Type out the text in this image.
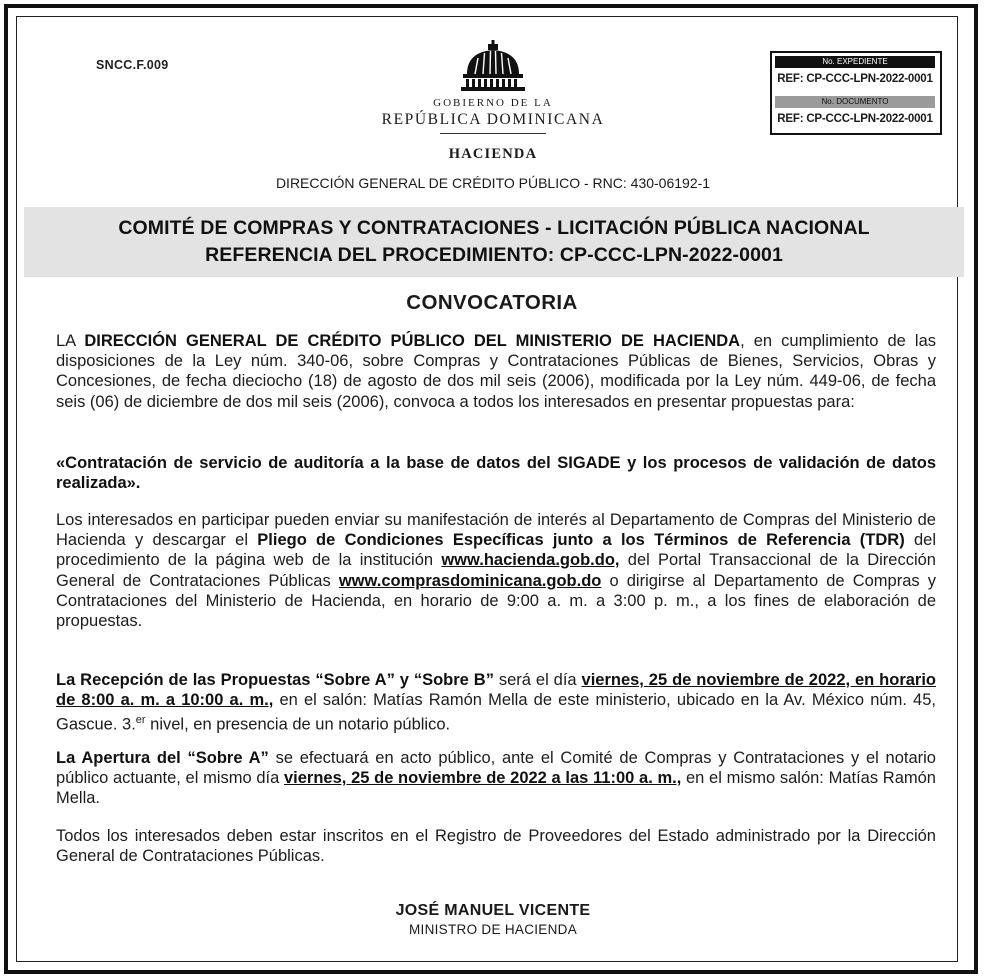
SNCC.F.009
GOBIERNO DE LA
REPÚBLICA DOMINICANA
HACIENDA
DIRECCIÓN GENERAL DE CRÉDITO PÚBLICO - RNC: 430-06192-1
No. EXPEDIENTE
REF: CP-CCC-LPN-2022-0001
No. DOCUMENTO
REF: CP-CCC-LPN-2022-0001
COMITÉ DE COMPRAS Y CONTRATACIONES - LICITACIÓN PÚBLICA NACIONAL
REFERENCIA DEL PROCEDIMIENTO: CP-CCC-LPN-2022-0001
CONVOCATORIA
LA DIRECCIÓN GENERAL DE CRÉDITO PÚBLICO DEL MINISTERIO DE HACIENDA, en cumplimiento de las disposiciones de la Ley núm. 340-06, sobre Compras y Contrataciones Públicas de Bienes, Servicios, Obras y Concesiones, de fecha dieciocho (18) de agosto de dos mil seis (2006), modificada por la Ley núm. 449-06, de fecha seis (06) de diciembre de dos mil seis (2006), convoca a todos los interesados en presentar propuestas para:
«Contratación de servicio de auditoría a la base de datos del SIGADE y los procesos de validación de datos realizada».
Los interesados en participar pueden enviar su manifestación de interés al Departamento de Compras del Ministerio de Hacienda y descargar el Pliego de Condiciones Específicas junto a los Términos de Referencia (TDR) del procedimiento de la página web de la institución www.hacienda.gob.do, del Portal Transaccional de la Dirección General de Contrataciones Públicas www.comprasdominicana.gob.do o dirigirse al Departamento de Compras y Contrataciones del Ministerio de Hacienda, en horario de 9:00 a. m. a 3:00 p. m., a los fines de elaboración de propuestas.
La Recepción de las Propuestas “Sobre A” y “Sobre B” será el día viernes, 25 de noviembre de 2022, en horario de 8:00 a. m. a 10:00 a. m., en el salón: Matías Ramón Mella de este ministerio, ubicado en la Av. México núm. 45, Gascue. 3.$^{er}$ nivel, en presencia de un notario público.
La Apertura del “Sobre A” se efectuará en acto público, ante el Comité de Compras y Contrataciones y el notario público actuante, el mismo día viernes, 25 de noviembre de 2022 a las 11:00 a. m., en el mismo salón: Matías Ramón Mella.
Todos los interesados deben estar inscritos en el Registro de Proveedores del Estado administrado por la Dirección General de Contrataciones Públicas.
JOSÉ MANUEL VICENTE
MINISTRO DE HACIENDA
